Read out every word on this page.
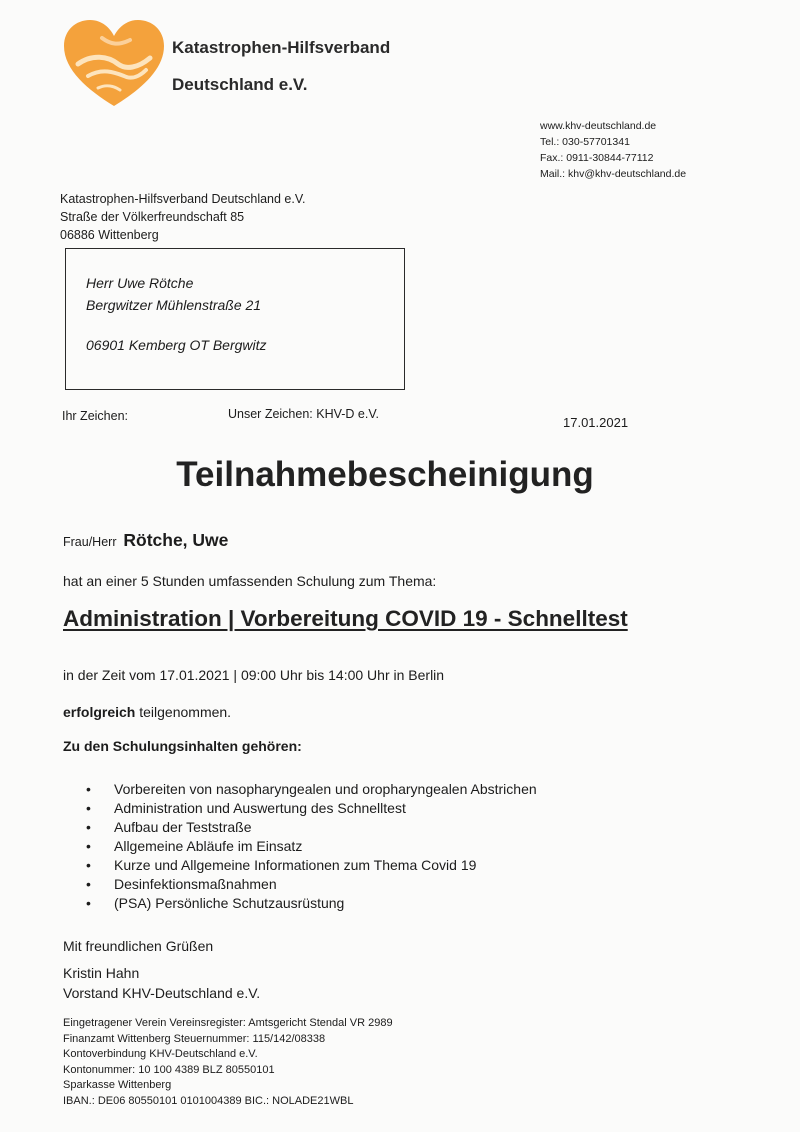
Katastrophen-Hilfsverband
Deutschland e.V.
www.khv-deutschland.de
Tel.: 030-57701341
Fax.: 0911-30844-77112
Mail.: khv@khv-deutschland.de
Katastrophen-Hilfsverband Deutschland e.V.
Straße der Völkerfreundschaft 85
06886 Wittenberg
Herr Uwe Rötche
Bergwitzer Mühlenstraße 21
06901 Kemberg OT Bergwitz
Ihr Zeichen:	Unser Zeichen: KHV-D e.V.
17.01.2021
Teilnahmebescheinigung
Frau/Herr Rötche, Uwe
hat an einer 5 Stunden umfassenden Schulung zum Thema:
Administration | Vorbereitung COVID 19 - Schnelltest
in der Zeit vom 17.01.2021 | 09:00 Uhr bis 14:00 Uhr in Berlin
erfolgreich teilgenommen.
Zu den Schulungsinhalten gehören:
• Vorbereiten von nasopharyngealen und oropharyngealen Abstrichen
• Administration und Auswertung des Schnelltest
• Aufbau der Teststraße
• Allgemeine Abläufe im Einsatz
• Kurze und Allgemeine Informationen zum Thema Covid 19
• Desinfektionsmaßnahmen
• (PSA) Persönliche Schutzausrüstung
Mit freundlichen Grüßen
Kristin Hahn
Vorstand KHV-Deutschland e.V.
Eingetragener Verein Vereinsregister: Amtsgericht Stendal VR 2989
Finanzamt Wittenberg Steuernummer: 115/142/08338
Kontoverbindung KHV-Deutschland e.V.
Kontonummer: 10 100 4389 BLZ 80550101
Sparkasse Wittenberg
IBAN.: DE06 80550101 0101004389 BIC.: NOLADE21WBL
